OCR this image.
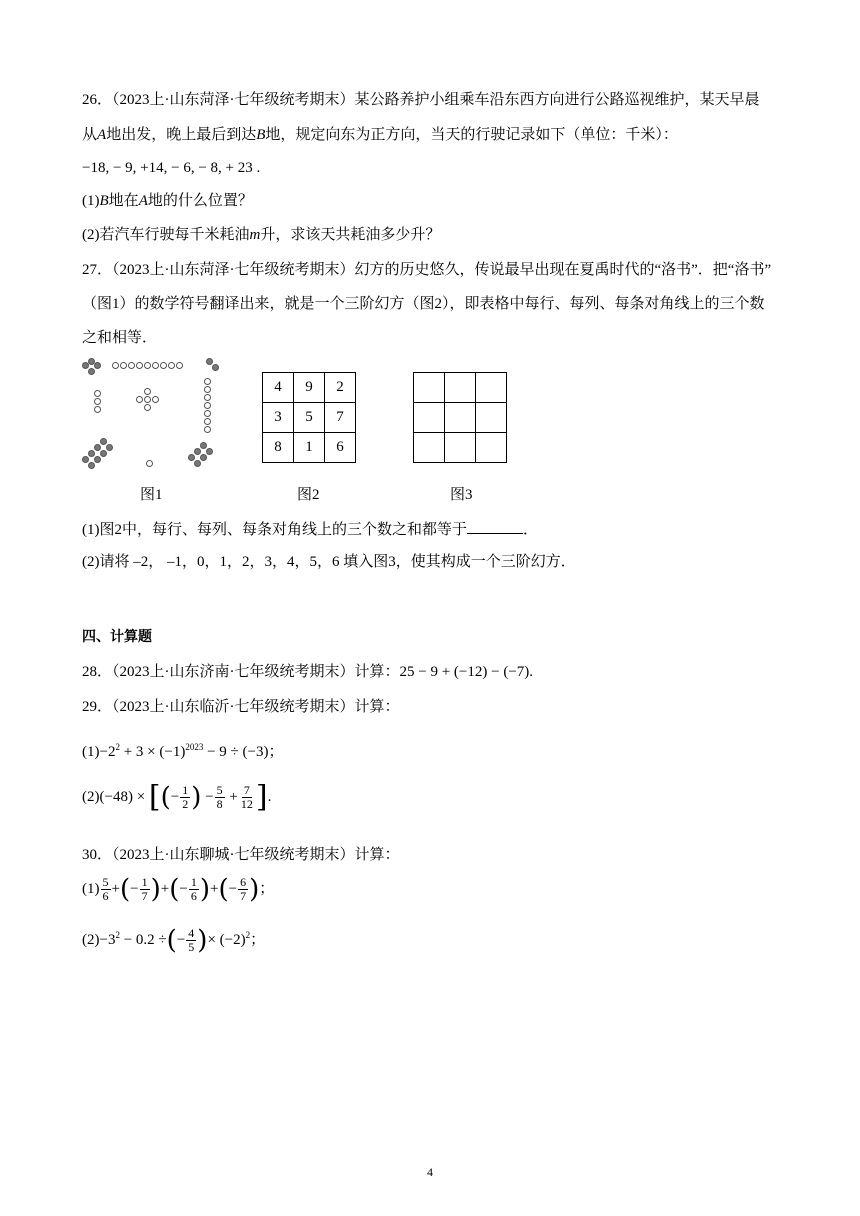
26．（2023上·山东菏泽·七年级统考期末）某公路养护小组乘车沿东西方向进行公路巡视维护，某天早晨
从A地出发，晚上最后到达B地，规定向东为正方向，当天的行驶记录如下（单位：千米）：
−18, − 9, +14, − 6, − 8, + 23 .
(1)B地在A地的什么位置？
(2)若汽车行驶每千米耗油m升，求该天共耗油多少升？
27．（2023上·山东菏泽·七年级统考期末）幻方的历史悠久，传说最早出现在夏禹时代的“洛书”．把“洛书”
（图1）的数学符号翻译出来，就是一个三阶幻方（图2），即表格中每行、每列、每条对角线上的三个数
之和相等．
图1
4	9	2
3	5	7
8	1	6
图2

			图3
(1)图2中，每行、每列、每条对角线上的三个数之和都等于	．
(2)请将 –2， –1，0，1，2，3，4，5，6 填入图3，使其构成一个三阶幻方．
四、计算题
28．（2023上·山东济南·七年级统考期末）计算：25 − 9 + (−12) − (−7).
29．（2023上·山东临沂·七年级统考期末）计算：
$(1)-2^2 + 3 \times (-1)^{2023} - 9 \div (-3)$；
(2)(−48) × [(− $\frac{1}{2}$ ) − $\frac{5}{8} + \frac{7}{12}$ ].
30．（2023上·山东聊城·七年级统考期末）计算：
$(1) \frac{5}{6}$ +(− $\frac{1}{7}$ )+(− $\frac{1}{6}$ )+(− $\frac{6}{7}$ )；
$(2)-3^2 - 0.2$ ÷(− $\frac{4}{5}$ )× $(-2)^2$；
4
